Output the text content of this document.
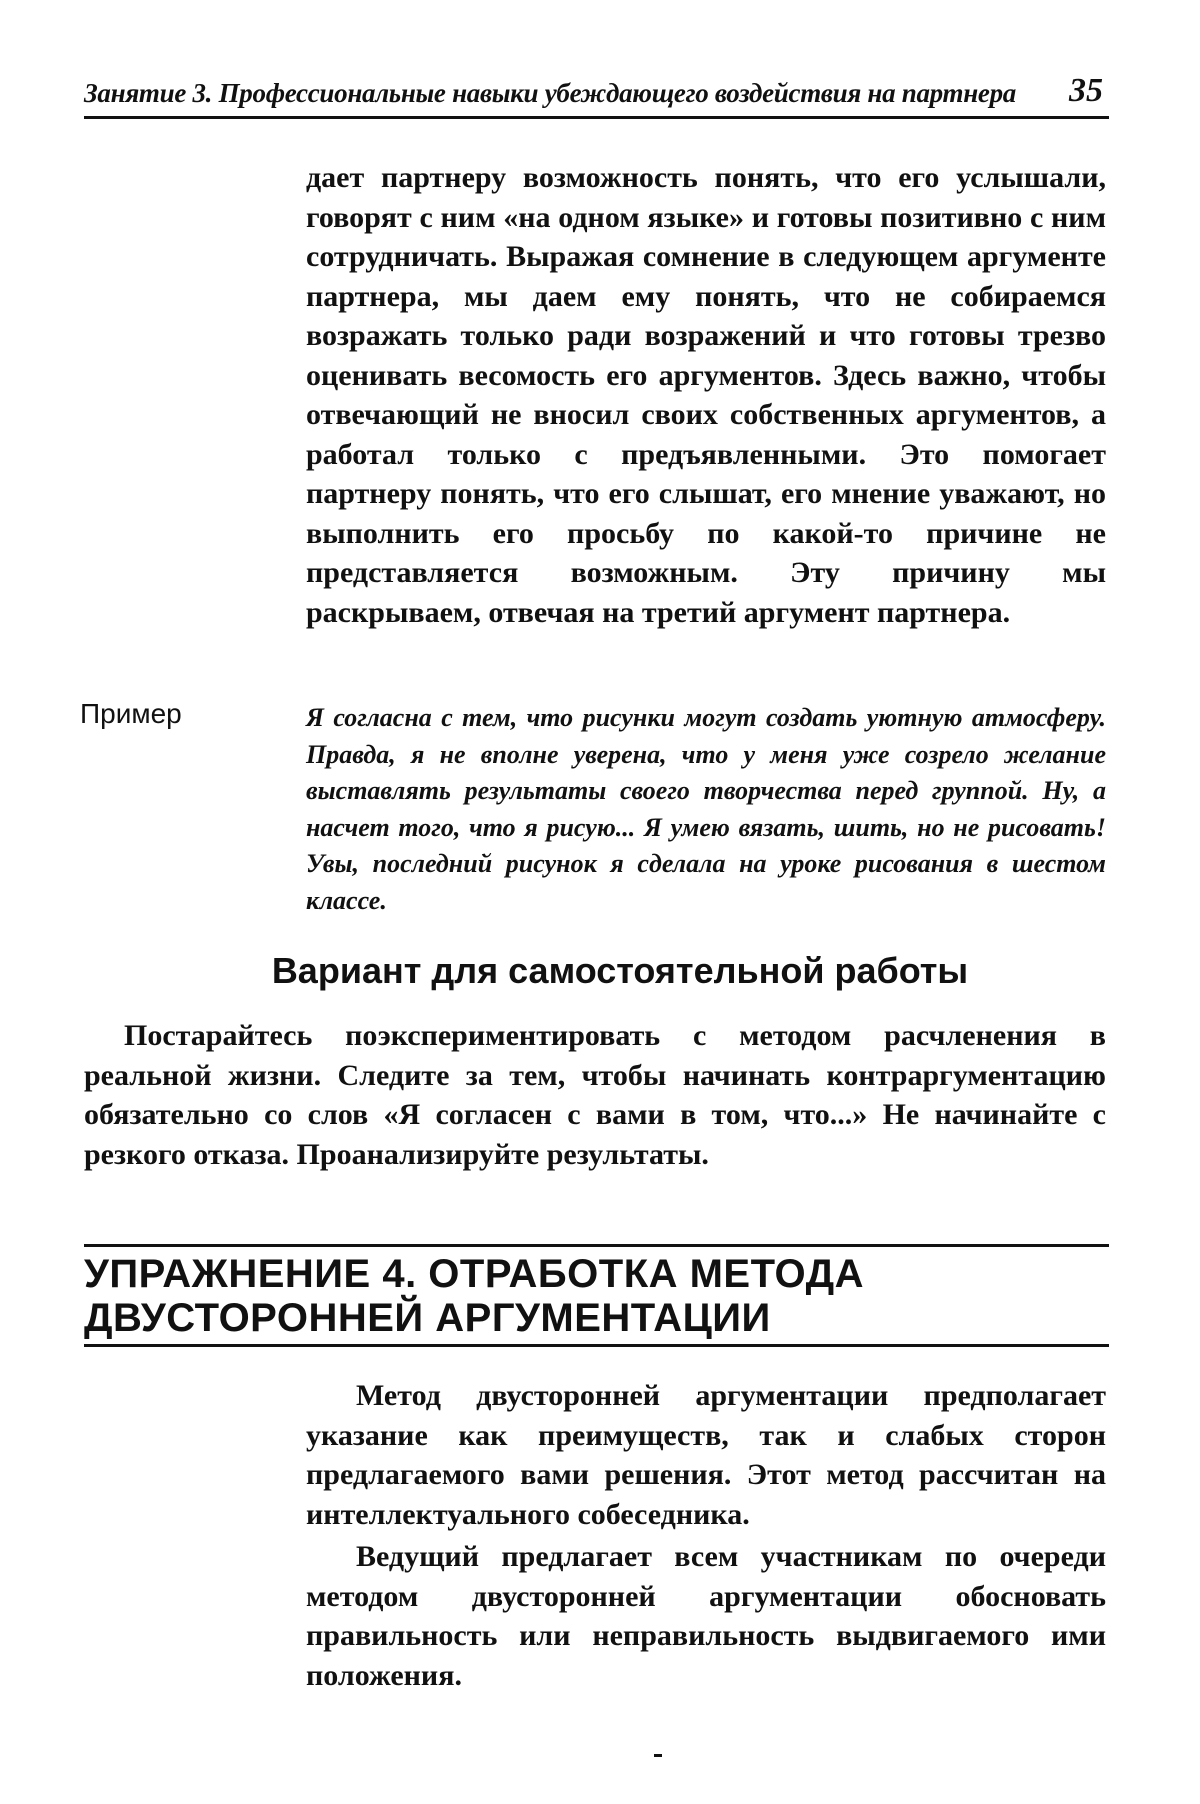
Занятие 3. Профессиональные навыки убеждающего воздействия на партнера 35

дает партнеру возможность понять, что его услышали, говорят с ним «на одном языке» и готовы позитивно с ним сотрудничать. Выражая сомнение в следующем аргументе партнера, мы даем ему понять, что не собираемся возражать только ради возражений и что готовы трезво оценивать весомость его аргументов. Здесь важно, чтобы отвечающий не вносил своих собственных аргументов, а работал только с предъявленными. Это помогает партнеру понять, что его слышат, его мнение уважают, но выполнить его просьбу по какой-то причине не представляется возможным. Эту причину мы раскрываем, отвечая на третий аргумент партнера.

Пример	Я согласна с тем, что рисунки могут создать уютную атмосферу. Правда, я не вполне уверена, что у меня уже созрело желание выставлять результаты своего творчества перед группой. Ну, а насчет того, что я рисую... Я умею вязать, шить, но не рисовать! Увы, последний рисунок я сделала на уроке рисования в шестом классе.

Вариант для самостоятельной работы

Постарайтесь поэкспериментировать с методом расчленения в реальной жизни. Следите за тем, чтобы начинать контраргументацию обязательно со слов «Я согласен с вами в том, что...» Не начинайте с резкого отказа. Проанализируйте результаты.

УПРАЖНЕНИЕ 4. ОТРАБОТКА МЕТОДА
ДВУСТОРОННЕЙ АРГУМЕНТАЦИИ

Метод двусторонней аргументации предполагает указание как преимуществ, так и слабых сторон предлагаемого вами решения. Этот метод рассчитан на интеллектуального собеседника.

Ведущий предлагает всем участникам по очереди методом двусторонней аргументации обосновать правильность или неправильность выдвигаемого ими положения.
